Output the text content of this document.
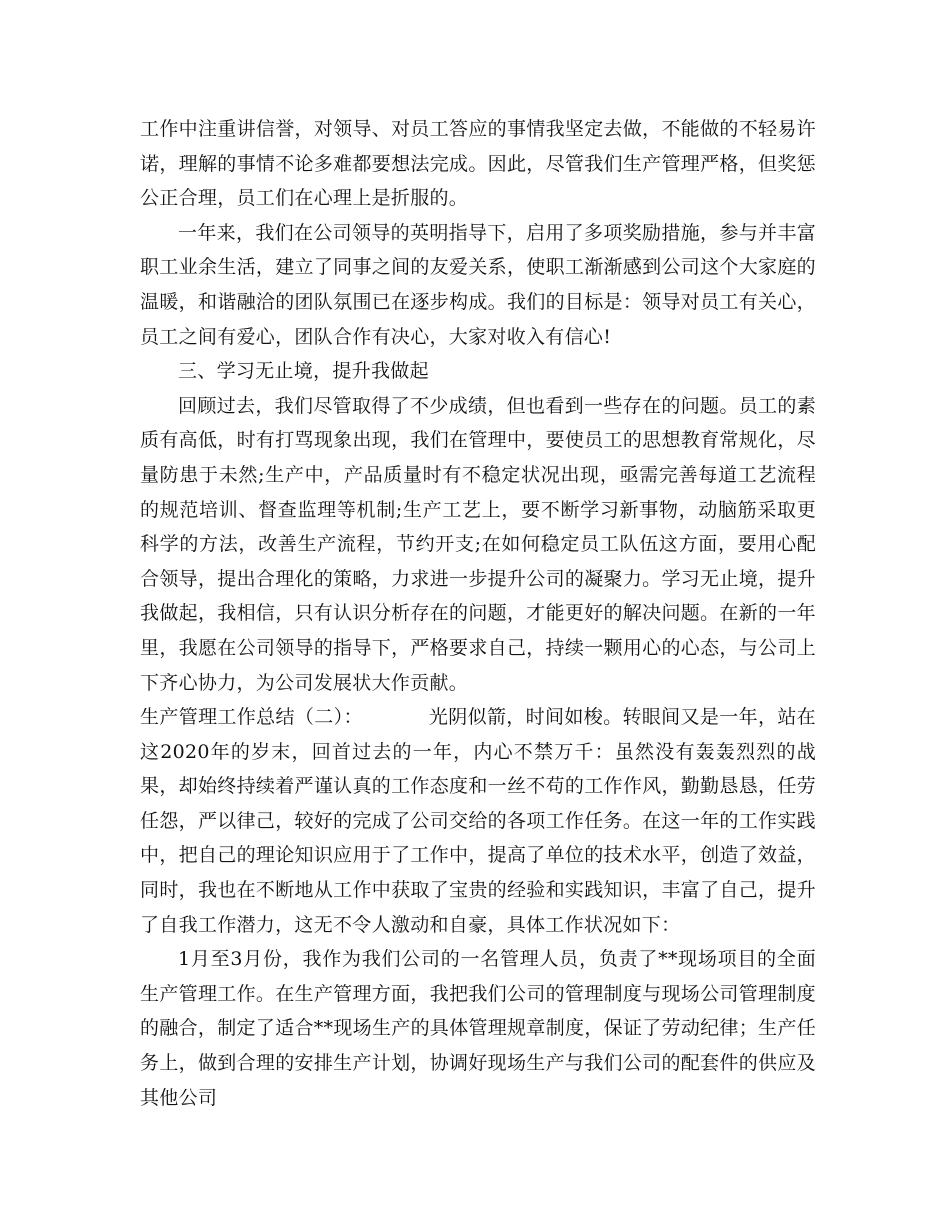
工作中注重讲信誉，对领导、对员工答应的事情我坚定去做，不能做的不轻易许诺，理解的事情不论多难都要想法完成。因此，尽管我们生产管理严格，但奖惩公正合理，员工们在心理上是折服的。

一年来，我们在公司领导的英明指导下，启用了多项奖励措施，参与并丰富职工业余生活，建立了同事之间的友爱关系，使职工渐渐感到公司这个大家庭的温暖，和谐融洽的团队氛围已在逐步构成。我们的目标是：领导对员工有关心，员工之间有爱心，团队合作有决心，大家对收入有信心!

三、学习无止境，提升我做起

回顾过去，我们尽管取得了不少成绩，但也看到一些存在的问题。员工的素质有高低，时有打骂现象出现，我们在管理中，要使员工的思想教育常规化，尽量防患于未然;生产中，产品质量时有不稳定状况出现，亟需完善每道工艺流程的规范培训、督查监理等机制;生产工艺上，要不断学习新事物，动脑筋采取更科学的方法，改善生产流程，节约开支;在如何稳定员工队伍这方面，要用心配合领导，提出合理化的策略，力求进一步提升公司的凝聚力。学习无止境，提升我做起，我相信，只有认识分析存在的问题，才能更好的解决问题。在新的一年里，我愿在公司领导的指导下，严格要求自己，持续一颗用心的心态，与公司上下齐心协力，为公司发展状大作贡献。

生产管理工作总结（二）：	光阴似箭，时间如梭。转眼间又是一年，站在这2020年的岁末，回首过去的一年，内心不禁万千：虽然没有轰轰烈烈的战果，却始终持续着严谨认真的工作态度和一丝不苟的工作作风，勤勤恳恳，任劳任怨，严以律己，较好的完成了公司交给的各项工作任务。在这一年的工作实践中，把自己的理论知识应用于了工作中，提高了单位的技术水平，创造了效益，同时，我也在不断地从工作中获取了宝贵的经验和实践知识，丰富了自己，提升了自我工作潜力，这无不令人激动和自豪，具体工作状况如下：

1月至3月份，我作为我们公司的一名管理人员，负责了**现场项目的全面生产管理工作。在生产管理方面，我把我们公司的管理制度与现场公司管理制度的融合，制定了适合**现场生产的具体管理规章制度，保证了劳动纪律；生产任务上，做到合理的安排生产计划，协调好现场生产与我们公司的配套件的供应及其他公司
